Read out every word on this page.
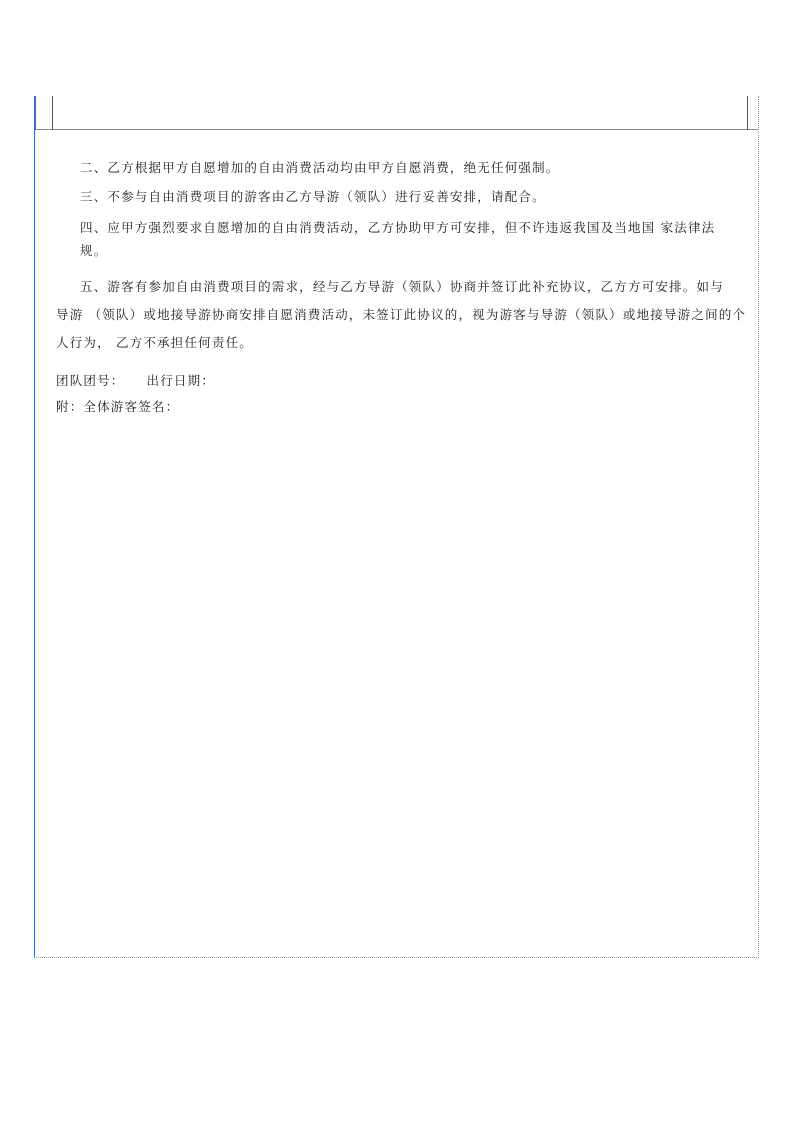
二、乙方根据甲方自愿增加的自由消费活动均由甲方自愿消费，绝无任何强制。

三、不参与自由消费项目的游客由乙方导游（领队）进行妥善安排，请配合。

四、应甲方强烈要求自愿增加的自由消费活动，乙方协助甲方可安排，但不许违返我国及当地国 家法律法
规。

五、游客有参加自由消费项目的需求，经与乙方导游（领队）协商并签订此补充协议，乙方方可安排。如与
导游 （领队）或地接导游协商安排自愿消费活动，未签订此协议的，视为游客与导游（领队）或地接导游之间的个
人行为， 乙方不承担任何责任。

团队团号： 出行日期：
附：全体游客签名：
